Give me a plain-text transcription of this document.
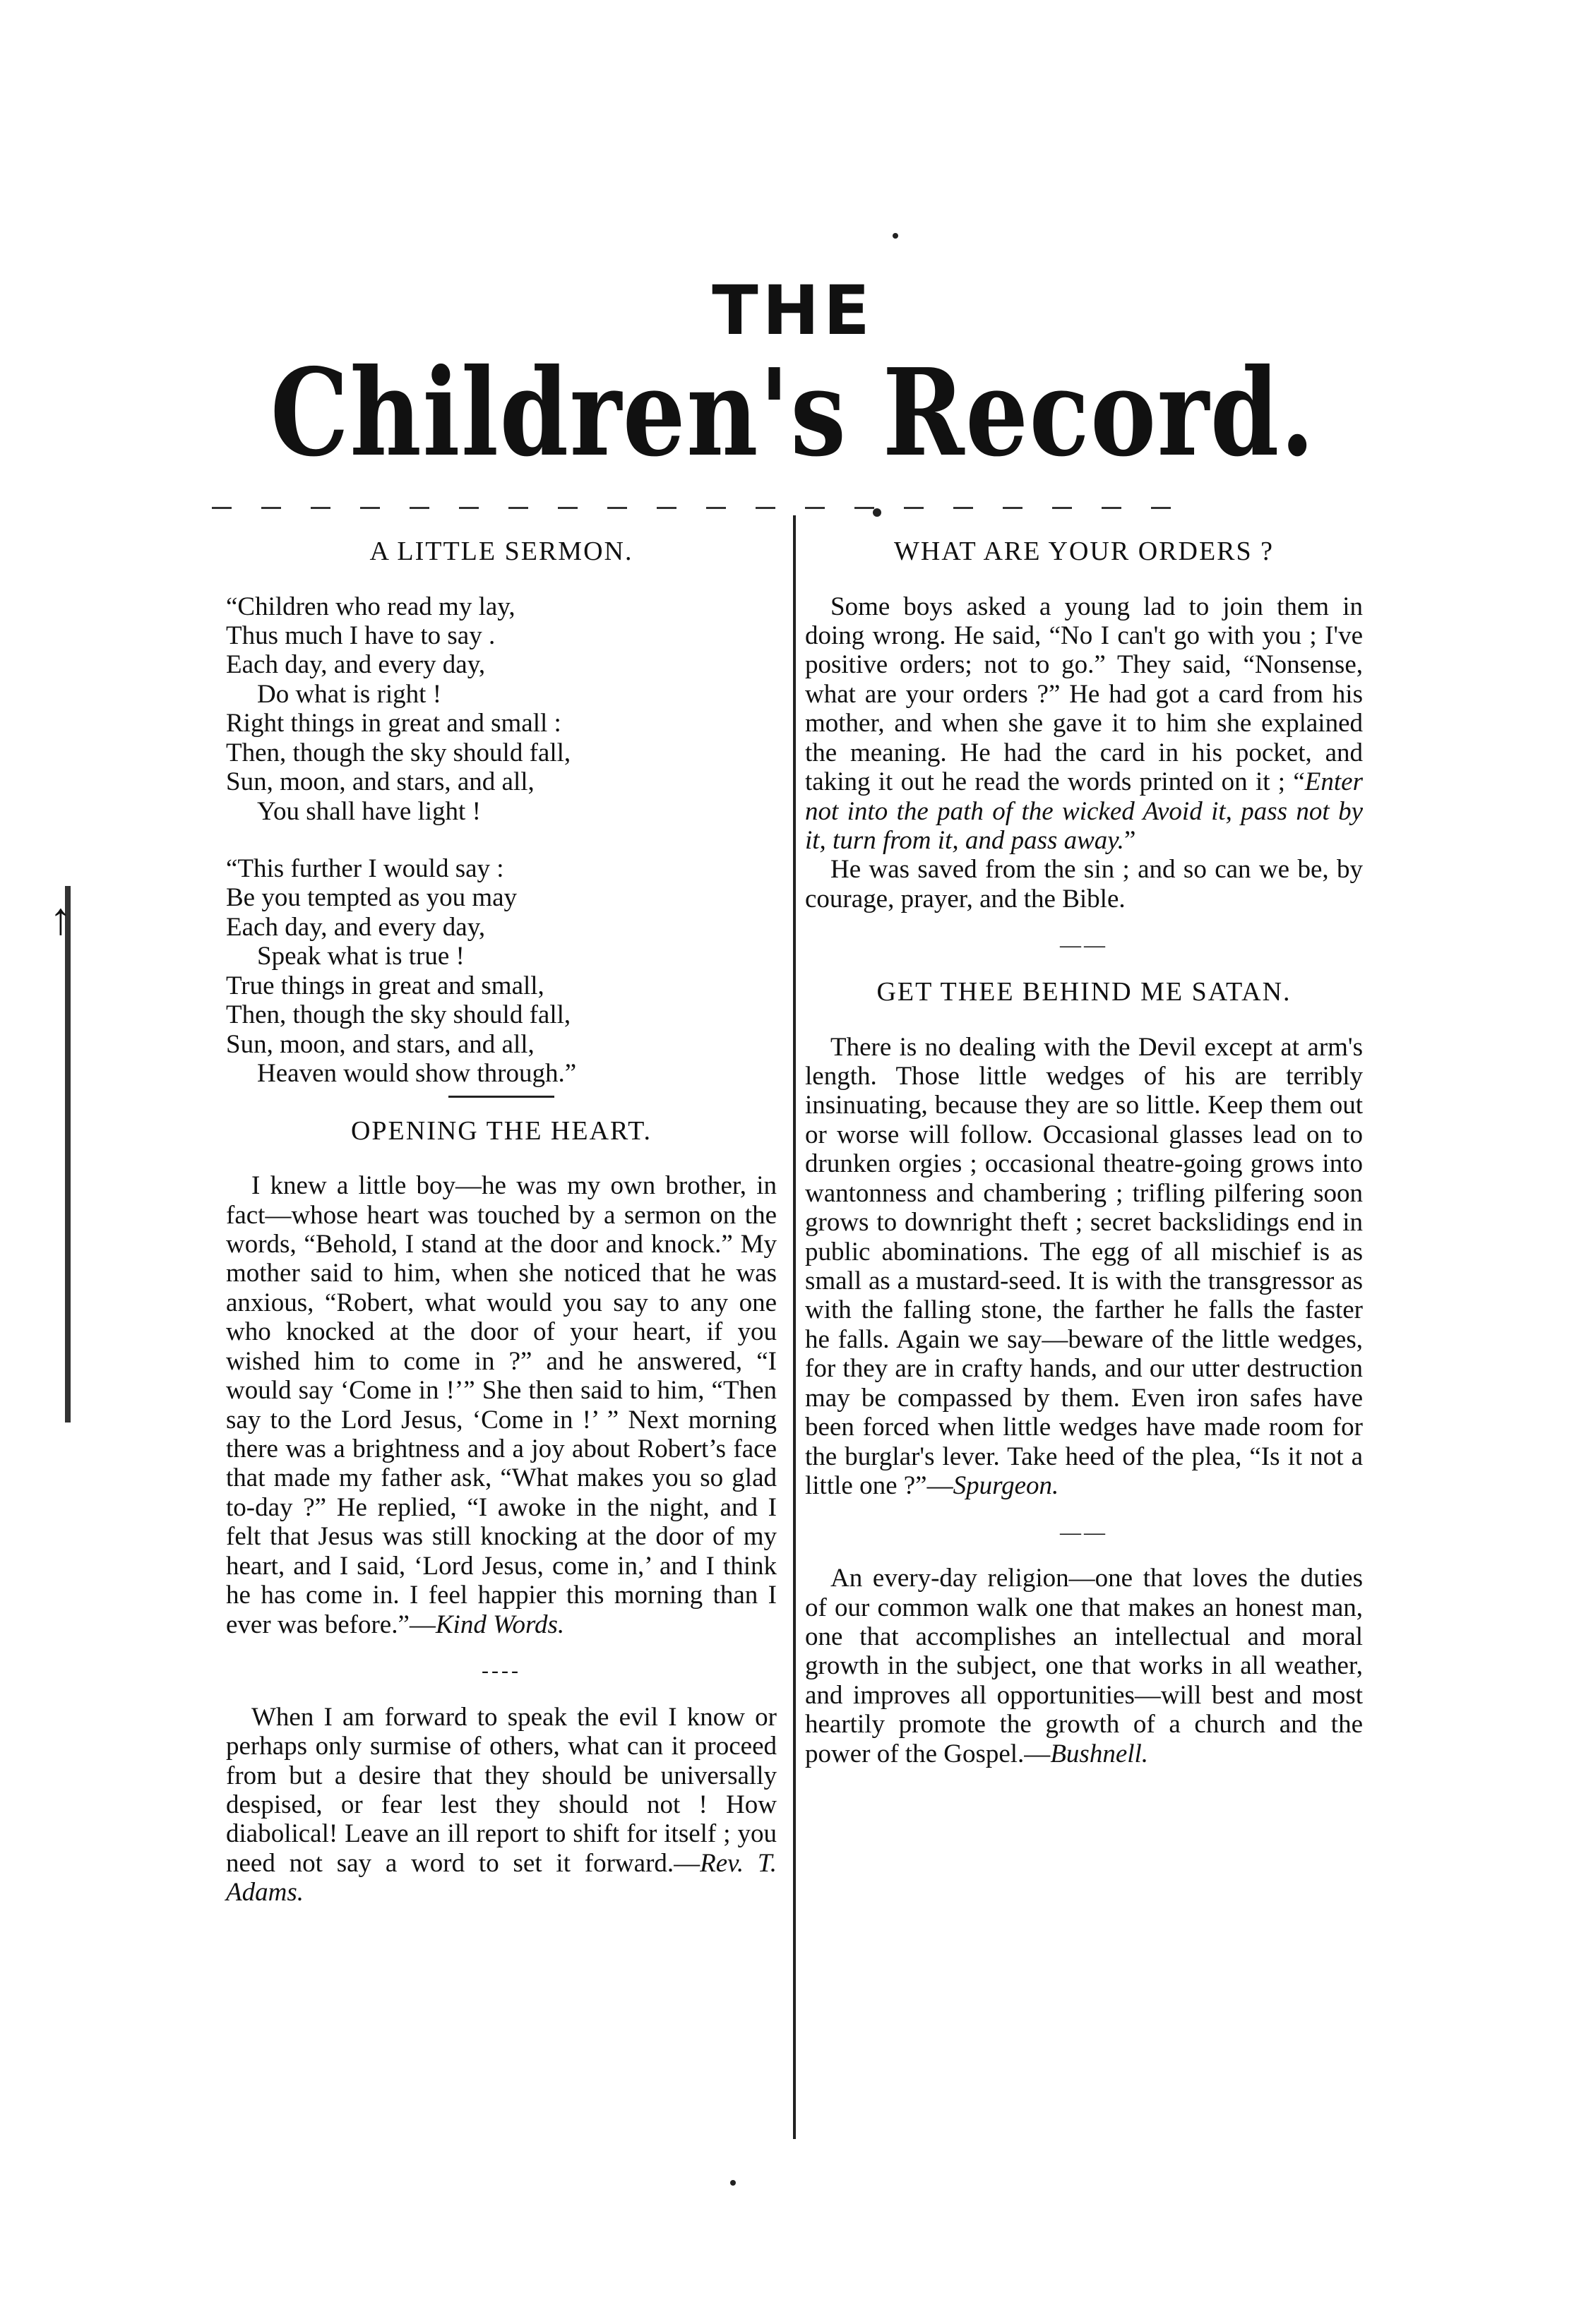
THE
Children's Record.
↑
A LITTLE SERMON.
“Children who read my lay,
Thus much I have to say .
Each day, and every day,
Do what is right !
Right things in great and small :
Then, though the sky should fall,
Sun, moon, and stars, and all,
You shall have light !
“This further I would say :
Be you tempted as you may
Each day, and every day,
Speak what is true !
True things in great and small,
Then, though the sky should fall,
Sun, moon, and stars, and all,
Heaven would show through.”
OPENING THE HEART.

I knew a little boy—he was my own brother, in fact—whose heart was touched by a sermon on the words, “Behold, I stand at the door and knock.” My mother said to him, when she noticed that he was anxious, “Robert, what would you say to any one who knocked at the door of your heart, if you wished him to come in ?” and he answered, “I would say ‘Come in !’” She then said to him, “Then say to the Lord Jesus, ‘Come in !’ ” Next morning there was a brightness and a joy about Robert’s face that made my father ask, “What makes you so glad to-day ?” He replied, “I awoke in the night, and I felt that Jesus was still knocking at the door of my heart, and I said, ‘Lord Jesus, come in,’ and I think he has come in. I feel happier this morning than I ever was before.”—Kind Words.

----

When I am forward to speak the evil I know or perhaps only surmise of others, what can it proceed from but a desire that they should be universally despised, or fear lest they should not ! How diabolical! Leave an ill report to shift for itself ; you need not say a word to set it forward.—Rev. T. Adams.

WHAT ARE YOUR ORDERS ?

Some boys asked a young lad to join them in doing wrong. He said, “No I can't go with you ; I've positive orders; not to go.” They said, “Nonsense, what are your orders ?” He had got a card from his mother, and when she gave it to him she explained the meaning. He had the card in his pocket, and taking it out he read the words printed on it ; “Enter not into the path of the wicked Avoid it, pass not by it, turn from it, and pass away.”

He was saved from the sin ; and so can we be, by courage, prayer, and the Bible.

——
GET THEE BEHIND ME SATAN.

There is no dealing with the Devil except at arm's length. Those little wedges of his are terribly insinuating, because they are so little. Keep them out or worse will follow. Occasional glasses lead on to drunken orgies ; occasional theatre-going grows into wantonness and chambering ; trifling pilfering soon grows to downright theft ; secret backslidings end in public abominations. The egg of all mischief is as small as a mustard-seed. It is with the transgressor as with the falling stone, the farther he falls the faster he falls. Again we say—beware of the little wedges, for they are in crafty hands, and our utter destruction may be compassed by them. Even iron safes have been forced when little wedges have made room for the burglar's lever. Take heed of the plea, “Is it not a little one ?”—Spurgeon.

——

An every-day religion—one that loves the duties of our common walk one that makes an honest man, one that accomplishes an intellectual and moral growth in the subject, one that works in all weather, and improves all opportunities—will best and most heartily promote the growth of a church and the power of the Gospel.—Bushnell.
